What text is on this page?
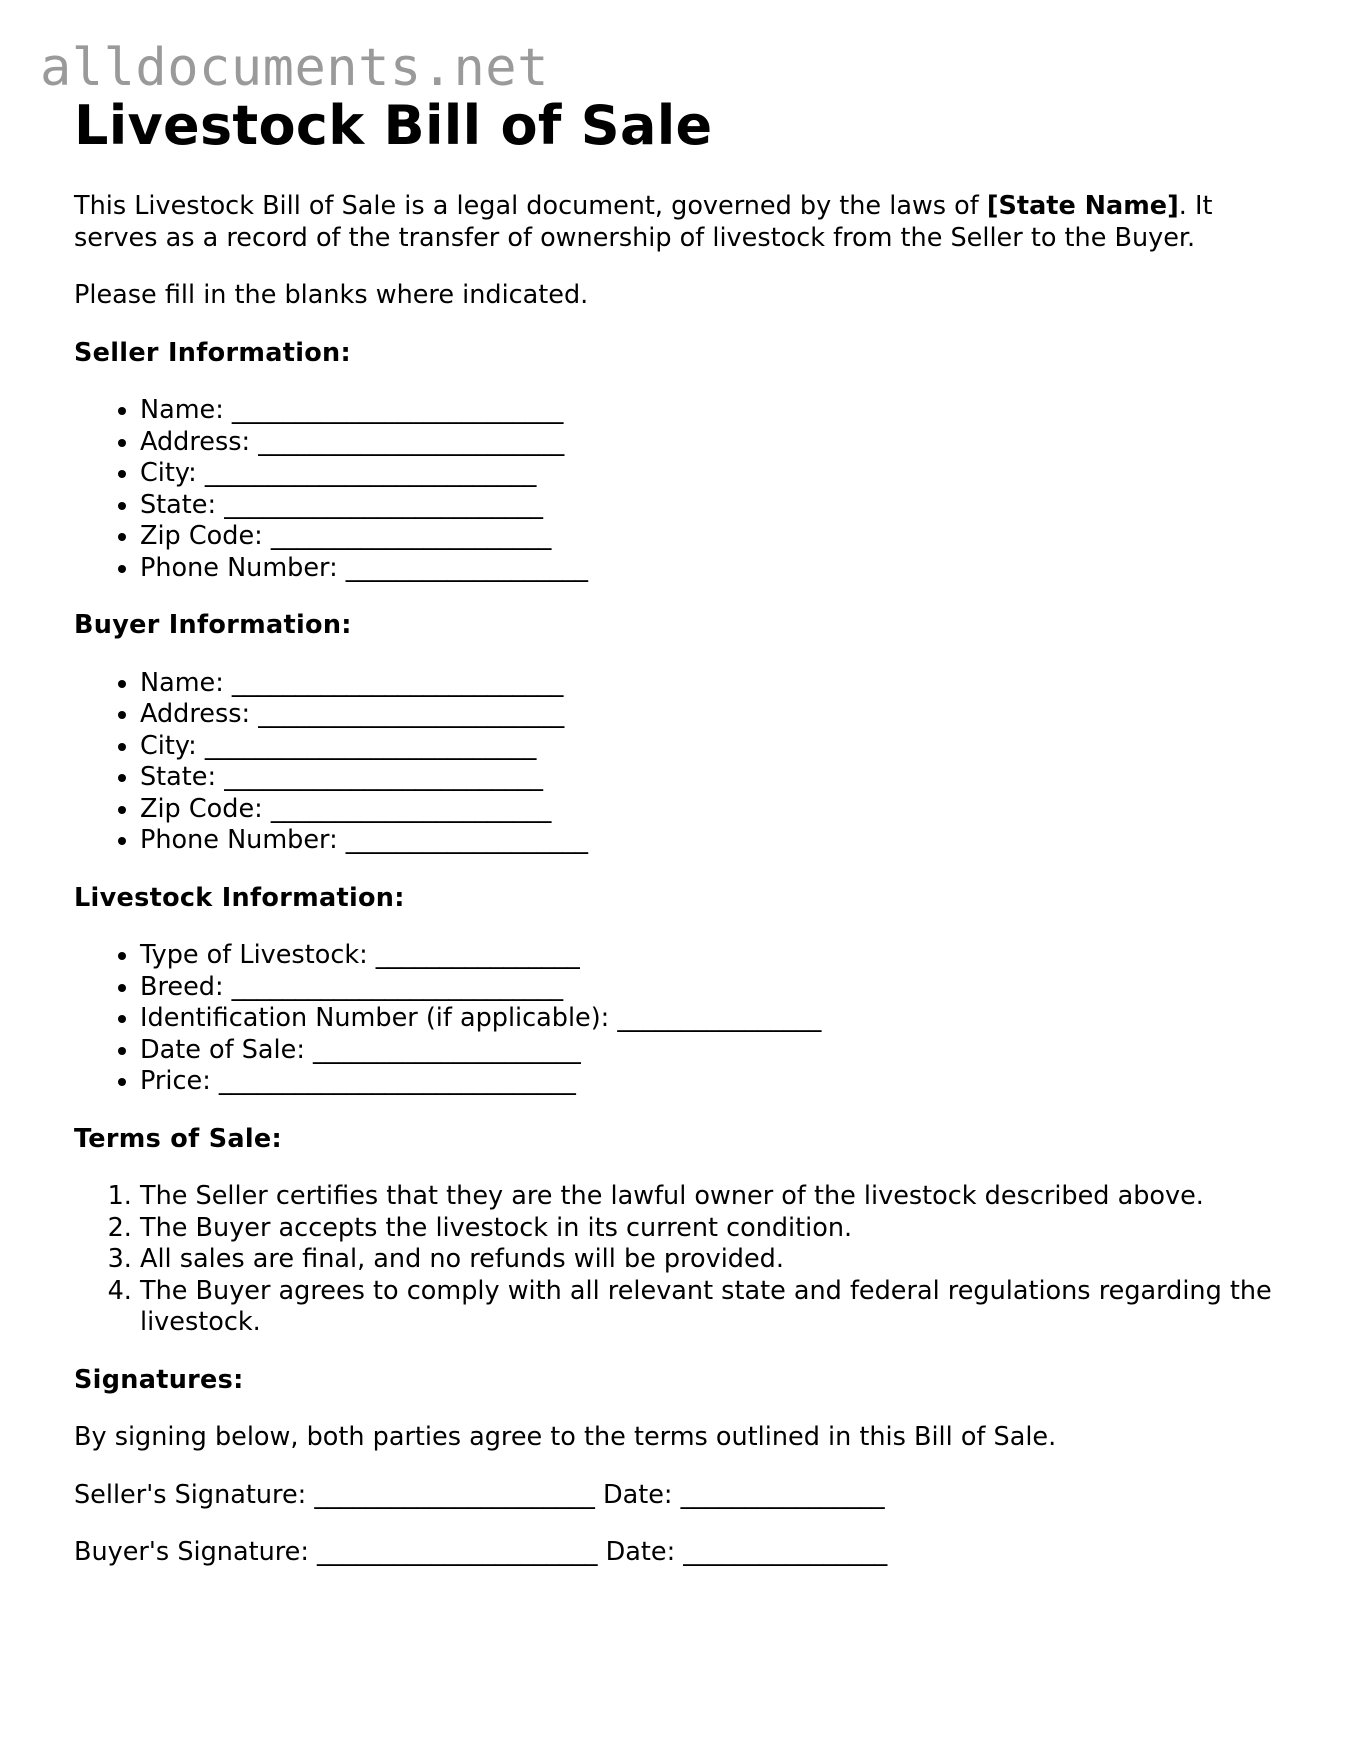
alldocuments.net
Livestock Bill of Sale

This Livestock Bill of Sale is a legal document, governed by the laws of [State Name]. It serves as a record of the transfer of ownership of livestock from the Seller to the Buyer.

Please fill in the blanks where indicated.

Seller Information:
• Name: __________________________
• Address: ________________________
• City: __________________________
• State: _________________________
• Zip Code: ______________________
• Phone Number: ___________________
Buyer Information:
• Name: __________________________
• Address: ________________________
• City: __________________________
• State: _________________________
• Zip Code: ______________________
• Phone Number: ___________________
Livestock Information:
• Type of Livestock: ________________
• Breed: __________________________
• Identification Number (if applicable): ________________
• Date of Sale: _____________________
• Price: ____________________________
Terms of Sale:
1. The Seller certifies that they are the lawful owner of the livestock described above.
2. The Buyer accepts the livestock in its current condition.
3. All sales are final, and no refunds will be provided.
4. The Buyer agrees to comply with all relevant state and federal regulations regarding the livestock.
Signatures:

By signing below, both parties agree to the terms outlined in this Bill of Sale.

Seller's Signature: ______________________ Date: ________________

Buyer's Signature: ______________________ Date: ________________
